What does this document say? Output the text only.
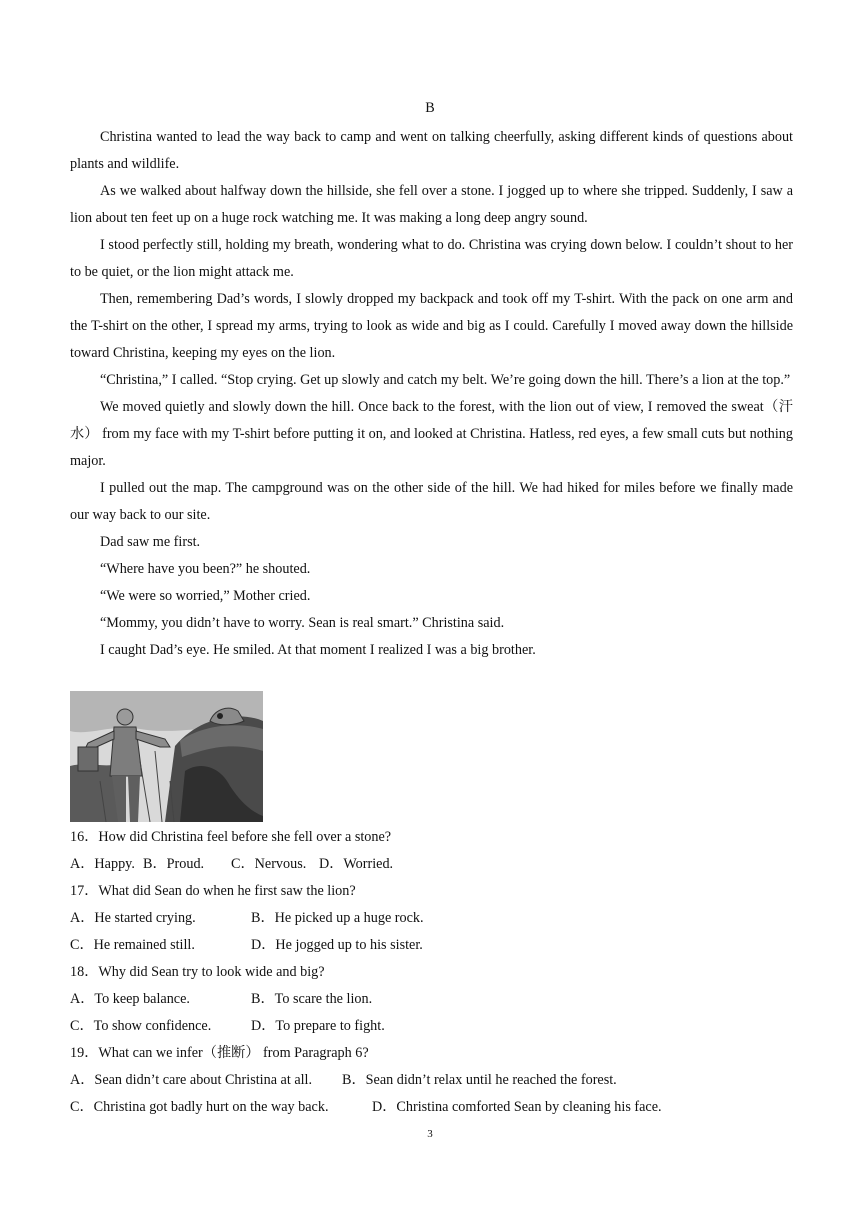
B

Christina wanted to lead the way back to camp and went on talking cheerfully, asking different kinds of questions about plants and wildlife.

As we walked about halfway down the hillside, she fell over a stone. I jogged up to where she tripped. Suddenly, I saw a lion about ten feet up on a huge rock watching me. It was making a long deep angry sound.

I stood perfectly still, holding my breath, wondering what to do. Christina was crying down below. I couldn’t shout to her to be quiet, or the lion might attack me.

Then, remembering Dad’s words, I slowly dropped my backpack and took off my T-shirt. With the pack on one arm and the T-shirt on the other, I spread my arms, trying to look as wide and big as I could. Carefully I moved away down the hillside toward Christina, keeping my eyes on the lion.

“Christina,” I called. “Stop crying. Get up slowly and catch my belt. We’re going down the hill. There’s a lion at the top.”

We moved quietly and slowly down the hill. Once back to the forest, with the lion out of view, I removed the sweat（汗水） from my face with my T-shirt before putting it on, and looked at Christina. Hatless, red eyes, a few small cuts but nothing major.

I pulled out the map. The campground was on the other side of the hill. We had hiked for miles before we finally made our way back to our site.

Dad saw me first.

“Where have you been?” he shouted.

“We were so worried,” Mother cried.

“Mommy, you didn’t have to worry. Sean is real smart.” Christina said.

I caught Dad’s eye. He smiled. At that moment I realized I was a big brother.

16．How did Christina feel before she fell over a stone?
A．Happy. B．Proud. C．Nervous. D．Worried.
17．What did Sean do when he first saw the lion?
A．He started crying.	B．He picked up a huge rock.
C．He remained still.	D．He jogged up to his sister.
18．Why did Sean try to look wide and big?
A．To keep balance.	B．To scare the lion.
C．To show confidence.	D．To prepare to fight.
19．What can we infer（推断） from Paragraph 6?
A．Sean didn’t care about Christina at all. B．Sean didn’t relax until he reached the forest.
C．Christina got badly hurt on the way back.	D．Christina comforted Sean by cleaning his face.
3
